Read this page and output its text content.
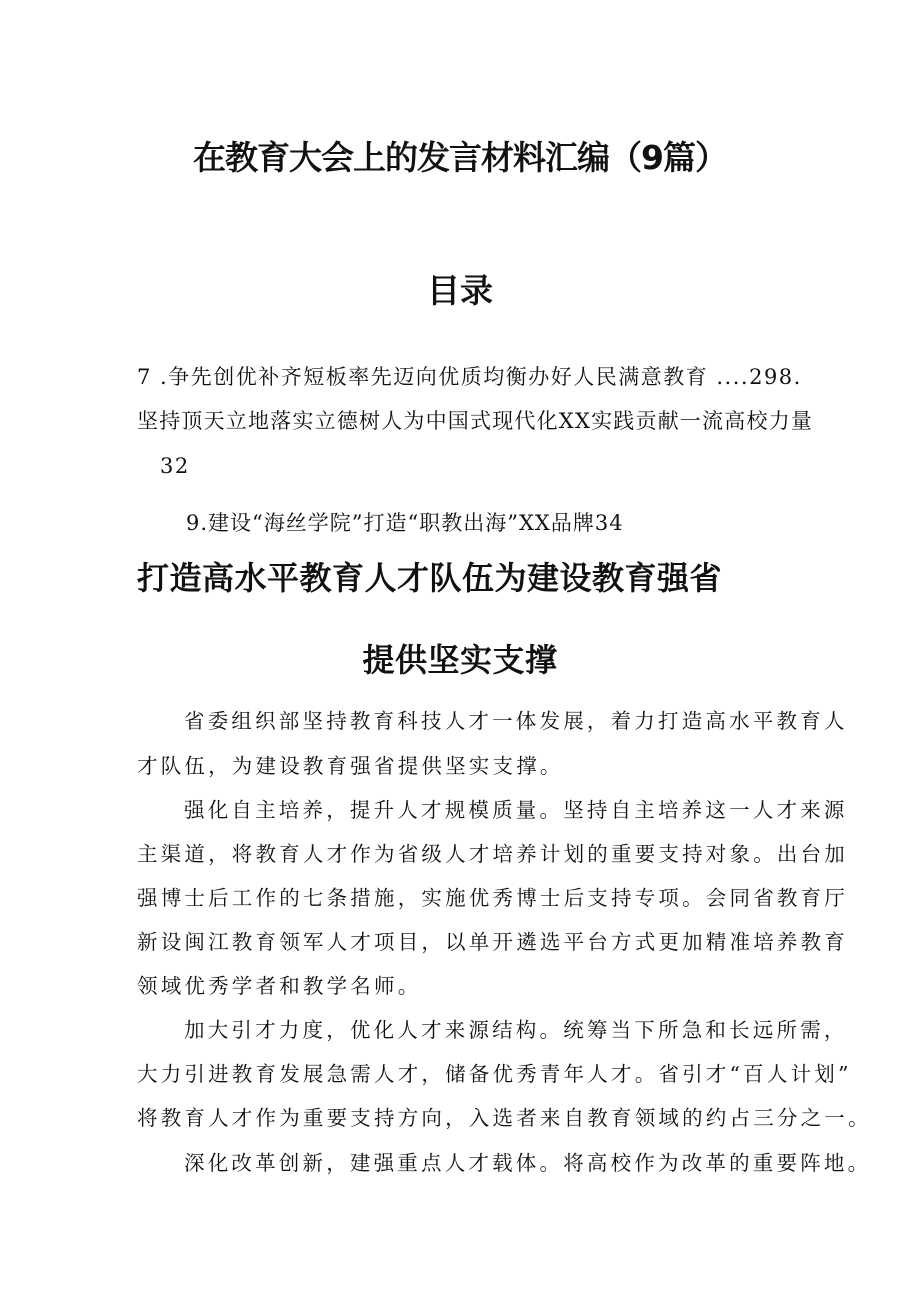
在教育大会上的发言材料汇编（9篇）
目录

7 .争先创优补齐短板率先迈向优质均衡办好人民满意教育 ....298.

坚持顶天立地落实立德树人为中国式现代化XX实践贡献一流高校力量

32

9.建设“海丝学院”打造“职教出海”XX品牌34

打造高水平教育人才队伍为建设教育强省
提供坚实支撑

省委组织部坚持教育科技人才一体发展，着力打造高水平教育人

才队伍，为建设教育强省提供坚实支撑。

强化自主培养，提升人才规模质量。坚持自主培养这一人才来源

主渠道，将教育人才作为省级人才培养计划的重要支持对象。出台加

强博士后工作的七条措施，实施优秀博士后支持专项。会同省教育厅

新设闽江教育领军人才项目，以单开遴选平台方式更加精准培养教育

领域优秀学者和教学名师。

加大引才力度，优化人才来源结构。统筹当下所急和长远所需，

大力引进教育发展急需人才，储备优秀青年人才。省引才“百人计划”

将教育人才作为重要支持方向，入选者来自教育领域的约占三分之一。

深化改革创新，建强重点人才载体。将高校作为改革的重要阵地。
